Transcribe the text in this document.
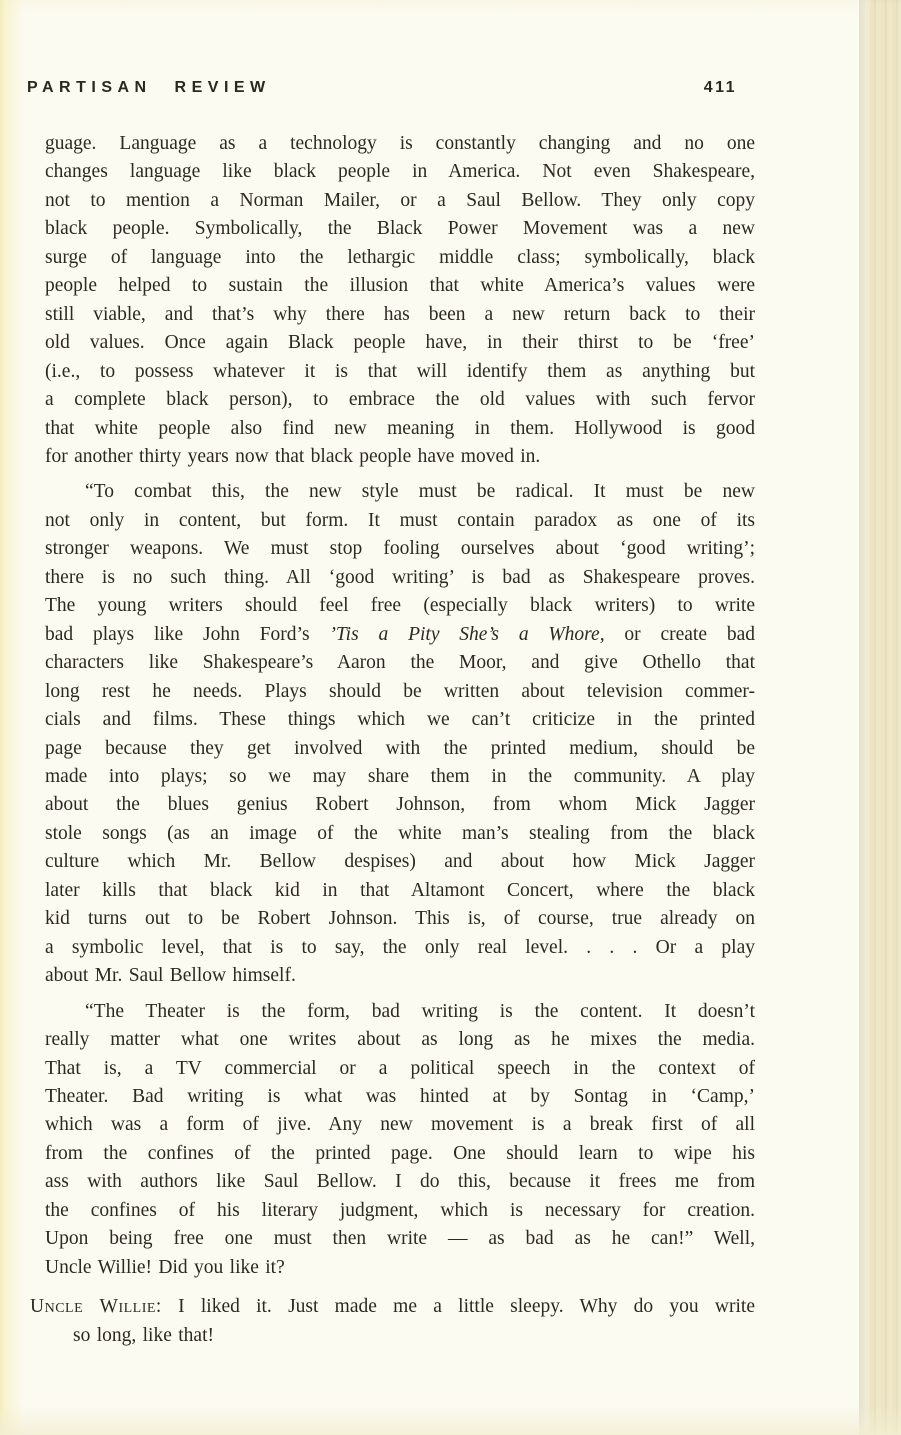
PARTISAN REVIEW	411

guage. Language as a technology is constantly changing and no one
changes language like black people in America. Not even Shakespeare,
not to mention a Norman Mailer, or a Saul Bellow. They only copy
black people. Symbolically, the Black Power Movement was a new
surge of language into the lethargic middle class; symbolically, black
people helped to sustain the illusion that white America’s values were
still viable, and that’s why there has been a new return back to their
old values. Once again Black people have, in their thirst to be ‘free’
(i.e., to possess whatever it is that will identify them as anything but
a complete black person), to embrace the old values with such fervor
that white people also find new meaning in them. Hollywood is good
for another thirty years now that black people have moved in.

“To combat this, the new style must be radical. It must be new
not only in content, but form. It must contain paradox as one of its
stronger weapons. We must stop fooling ourselves about ‘good writing’;
there is no such thing. All ‘good writing’ is bad as Shakespeare proves.
The young writers should feel free (especially black writers) to write
bad plays like John Ford’s ’Tis a Pity She’s a Whore, or create bad
characters like Shakespeare’s Aaron the Moor, and give Othello that
long rest he needs. Plays should be written about television commer-
cials and films. These things which we can’t criticize in the printed
page because they get involved with the printed medium, should be
made into plays; so we may share them in the community. A play
about the blues genius Robert Johnson, from whom Mick Jagger
stole songs (as an image of the white man’s stealing from the black
culture which Mr. Bellow despises) and about how Mick Jagger
later kills that black kid in that Altamont Concert, where the black
kid turns out to be Robert Johnson. This is, of course, true already on
a symbolic level, that is to say, the only real level. . . . Or a play
about Mr. Saul Bellow himself.

“The Theater is the form, bad writing is the content. It doesn’t
really matter what one writes about as long as he mixes the media.
That is, a TV commercial or a political speech in the context of
Theater. Bad writing is what was hinted at by Sontag in ‘Camp,’
which was a form of jive. Any new movement is a break first of all
from the confines of the printed page. One should learn to wipe his
ass with authors like Saul Bellow. I do this, because it frees me from
the confines of his literary judgment, which is necessary for creation.
Upon being free one must then write — as bad as he can!” Well,
Uncle Willie! Did you like it?

Uncle Willie: I liked it. Just made me a little sleepy. Why do you write
so long, like that!
